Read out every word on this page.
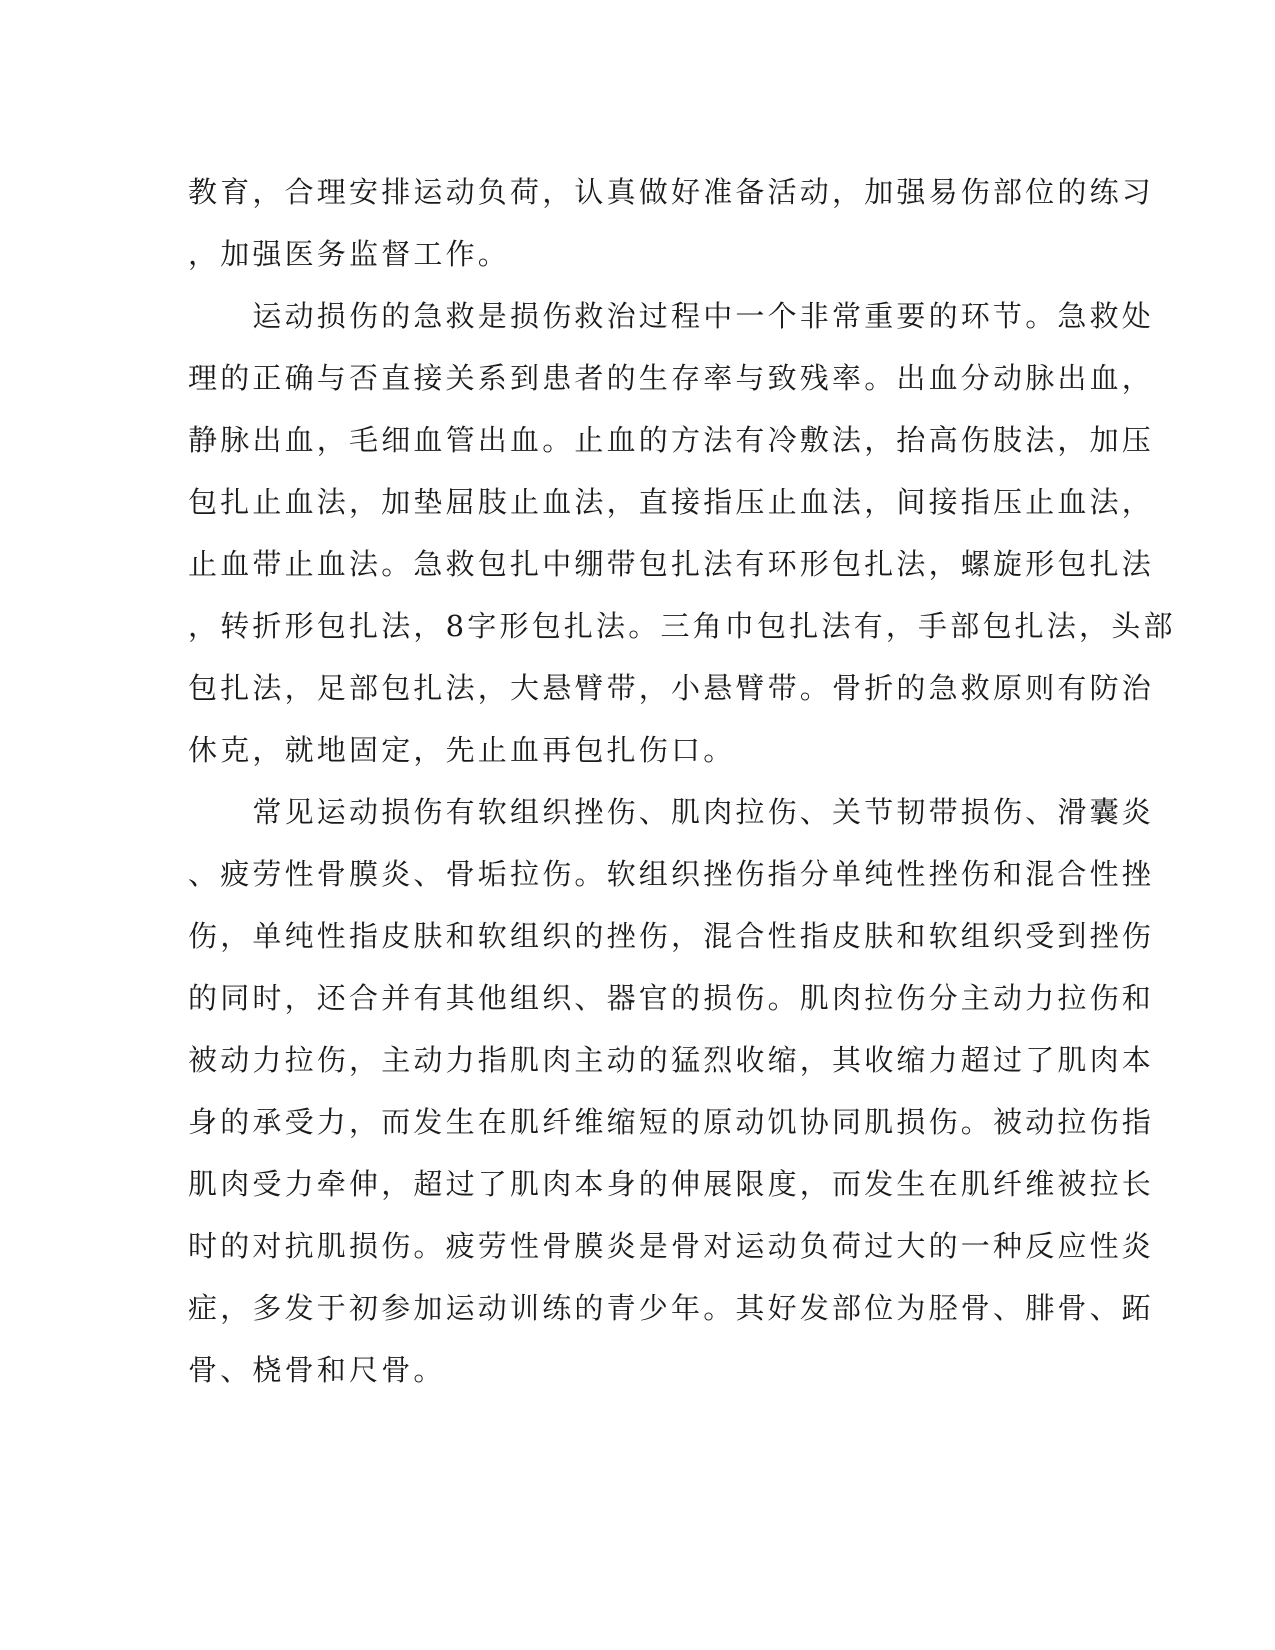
教育，合理安排运动负荷，认真做好准备活动，加强易伤部位的练习

，加强医务监督工作。

　　运动损伤的急救是损伤救治过程中一个非常重要的环节。急救处

理的正确与否直接关系到患者的生存率与致残率。出血分动脉出血，

静脉出血，毛细血管出血。止血的方法有冷敷法，抬高伤肢法，加压

包扎止血法，加垫屈肢止血法，直接指压止血法，间接指压止血法，

止血带止血法。急救包扎中绷带包扎法有环形包扎法，螺旋形包扎法

，转折形包扎法，8字形包扎法。三角巾包扎法有，手部包扎法，头部

包扎法，足部包扎法，大悬臂带，小悬臂带。骨折的急救原则有防治

休克，就地固定，先止血再包扎伤口。

　　常见运动损伤有软组织挫伤、肌肉拉伤、关节韧带损伤、滑囊炎

、疲劳性骨膜炎、骨垢拉伤。软组织挫伤指分单纯性挫伤和混合性挫

伤，单纯性指皮肤和软组织的挫伤，混合性指皮肤和软组织受到挫伤

的同时，还合并有其他组织、器官的损伤。肌肉拉伤分主动力拉伤和

被动力拉伤，主动力指肌肉主动的猛烈收缩，其收缩力超过了肌肉本

身的承受力，而发生在肌纤维缩短的原动饥协同肌损伤。被动拉伤指

肌肉受力牵伸，超过了肌肉本身的伸展限度，而发生在肌纤维被拉长

时的对抗肌损伤。疲劳性骨膜炎是骨对运动负荷过大的一种反应性炎

症，多发于初参加运动训练的青少年。其好发部位为胫骨、腓骨、跖

骨、桡骨和尺骨。
